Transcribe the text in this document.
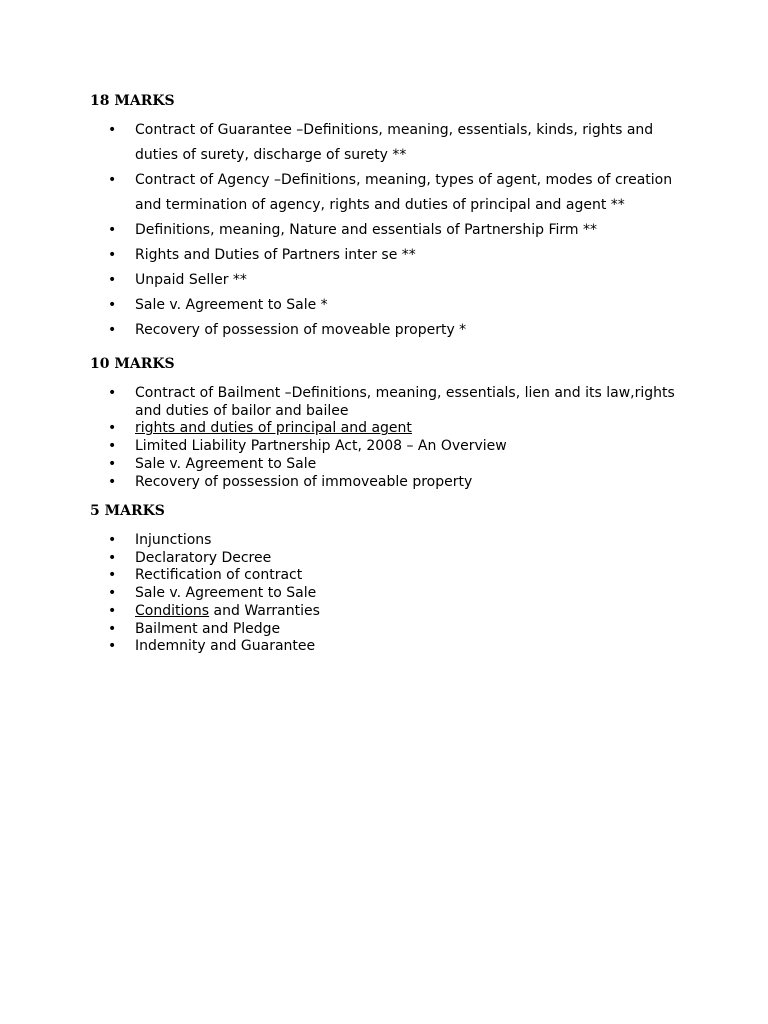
18 MARKS
• Contract of Guarantee –Definitions, meaning, essentials, kinds, rights and duties of surety, discharge of surety **
• Contract of Agency –Definitions, meaning, types of agent, modes of creation and termination of agency, rights and duties of principal and agent **
• Definitions, meaning, Nature and essentials of Partnership Firm **
• Rights and Duties of Partners inter se **
• Unpaid Seller **
• Sale v. Agreement to Sale *
• Recovery of possession of moveable property *
10 MARKS
• Contract of Bailment –Definitions, meaning, essentials, lien and its law,rights and duties of bailor and bailee
• rights and duties of principal and agent
• Limited Liability Partnership Act, 2008 – An Overview
• Sale v. Agreement to Sale
• Recovery of possession of immoveable property
5 MARKS
• Injunctions
• Declaratory Decree
• Rectification of contract
• Sale v. Agreement to Sale
• Conditions and Warranties
• Bailment and Pledge
• Indemnity and Guarantee
